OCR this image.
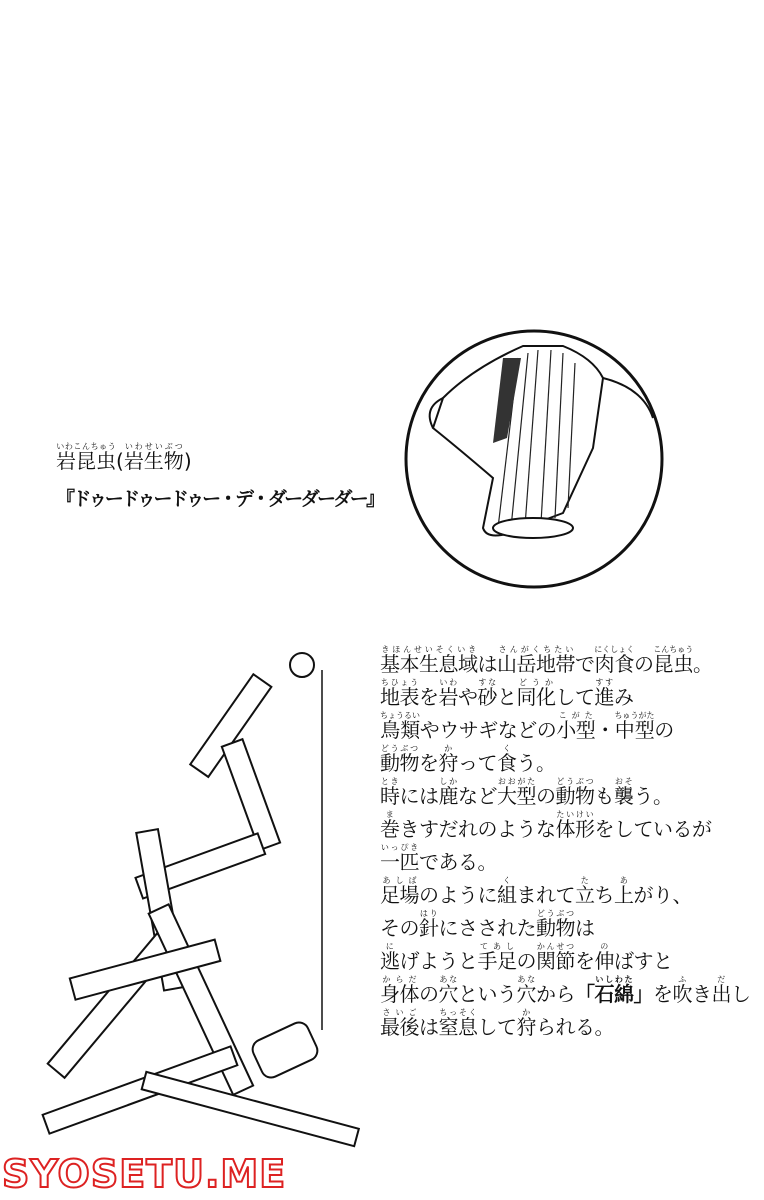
岩昆虫いわこんちゅう(岩生物いわせいぶつ)
『ドゥードゥードゥー・デ・ダーダーダー』
基本生息域きほんせいそくいきは山岳地帯さんがくちたいで肉食にくしょくの昆虫こんちゅう。
地表ちひょうを岩いわや砂すなと同化どうかして進すすみ
鳥類ちょうるいやウサギなどの小型こがた・中型ちゅうがたの
動物どうぶつを狩かって食くう。
時ときには鹿しかなど大型おおがたの動物どうぶつも襲おそう。
巻まきすだれのような体形たいけいをしているが
一匹いっぴきである。
足場あしばのように組くまれて立たち上あがり、
その針はりにさされた動物どうぶつは
逃にげようと手足てあしの関節かんせつを伸のばすと
身体からだの穴あなという穴あなから「石綿いしわた」を吹ふき出だし
最後さいごは窒息ちっそくして狩かられる。
SYOSETU.ME
